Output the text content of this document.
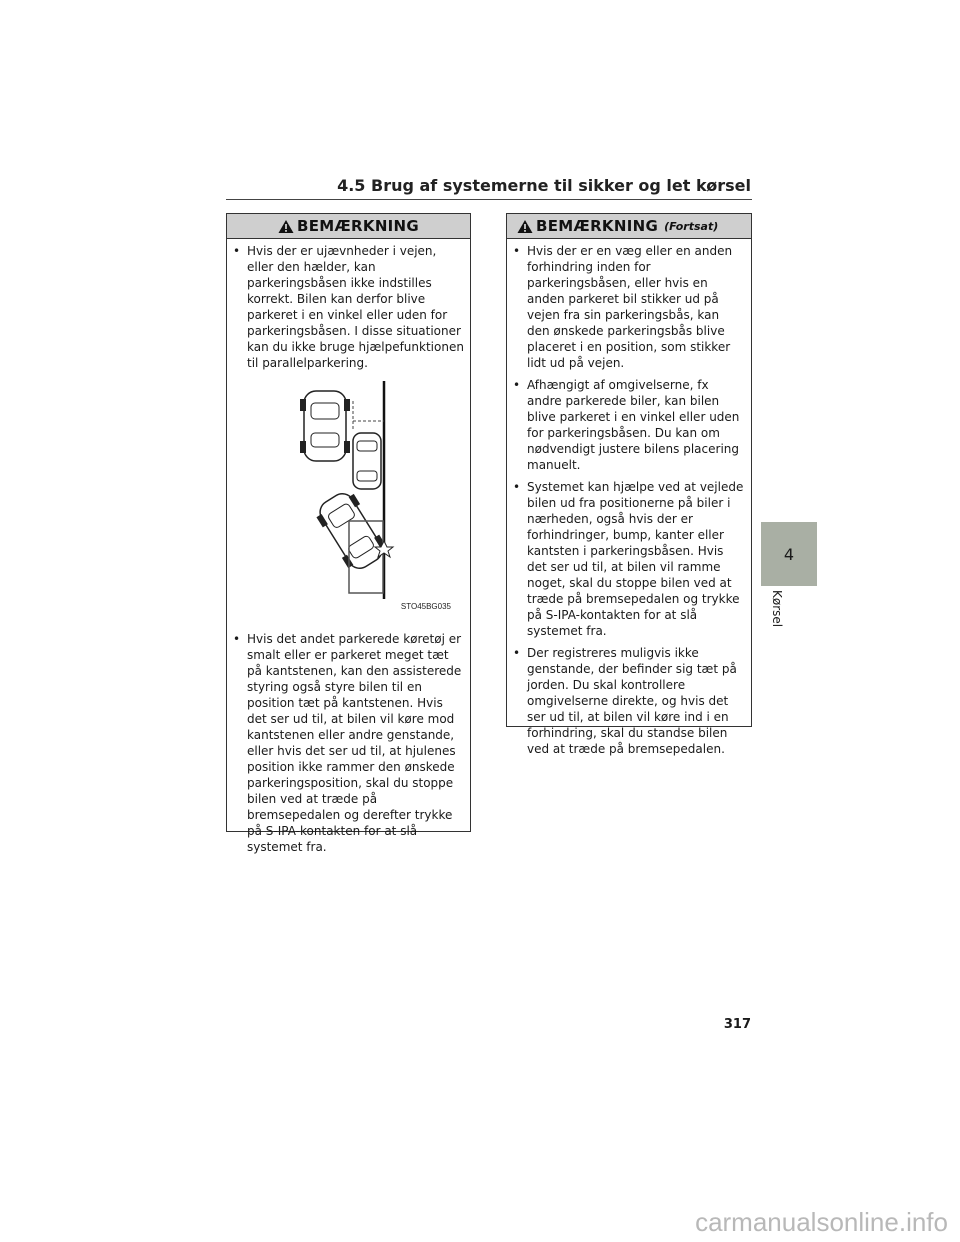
4.5 Brug af systemerne til sikker og let kørsel
BEMÆRKNING
• Hvis der er ujævnheder i vejen, eller den hælder, kan parkeringsbåsen ikke indstilles korrekt. Bilen kan derfor blive parkeret i en vinkel eller uden for parkeringsbåsen. I disse situationer kan du ikke bruge hjælpefunktionen til parallelparkering.
STO45BG035
• Hvis det andet parkerede køretøj er smalt eller er parkeret meget tæt på kantstenen, kan den assisterede styring også styre bilen til en position tæt på kantstenen. Hvis det ser ud til, at bilen vil køre mod kantstenen eller andre genstande, eller hvis det ser ud til, at hjulenes position ikke rammer den ønskede parkeringsposition, skal du stoppe bilen ved at træde på bremsepedalen og derefter trykke på S-IPA-kontakten for at slå systemet fra.
BEMÆRKNING (Fortsat)
• Hvis der er en væg eller en anden forhindring inden for parkeringsbåsen, eller hvis en anden parkeret bil stikker ud på vejen fra sin parkeringsbås, kan den ønskede parkeringsbås blive placeret i en position, som stikker lidt ud på vejen.
• Afhængigt af omgivelserne, fx andre parkerede biler, kan bilen blive parkeret i en vinkel eller uden for parkeringsbåsen. Du kan om nødvendigt justere bilens placering manuelt.
• Systemet kan hjælpe ved at vejlede bilen ud fra positionerne på biler i nærheden, også hvis der er forhindringer, bump, kanter eller kantsten i parkeringsbåsen. Hvis det ser ud til, at bilen vil ramme noget, skal du stoppe bilen ved at træde på bremsepedalen og trykke på S-IPA-kontakten for at slå systemet fra.
• Der registreres muligvis ikke genstande, der befinder sig tæt på jorden. Du skal kontrollere omgivelserne direkte, og hvis det ser ud til, at bilen vil køre ind i en forhindring, skal du standse bilen ved at træde på bremsepedalen.
4
Kørsel
317
carmanualsonline.info
